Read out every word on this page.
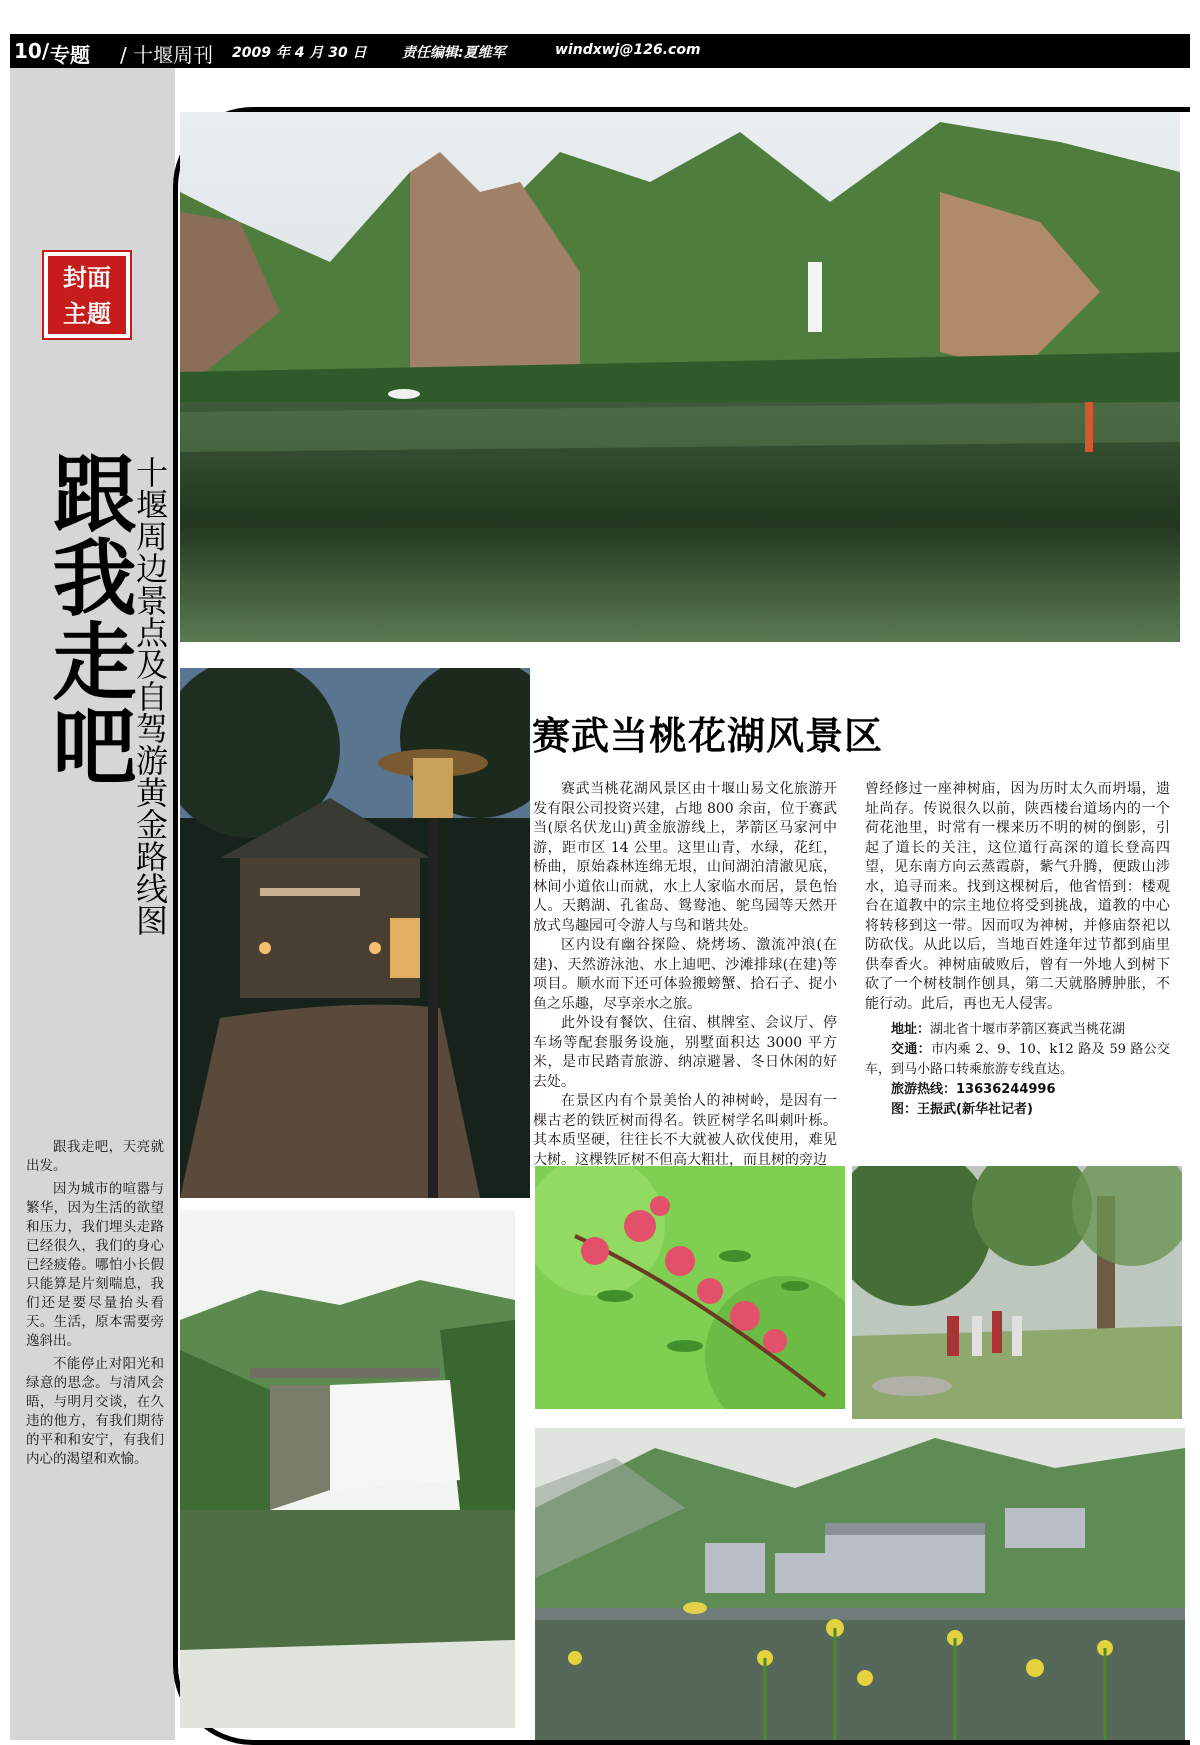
10/ 专题 / 十堰周刊 2009 年 4 月 30 日	责任编辑:夏维军	windxwj@126.com
封面
主题
跟我走吧
十堰周边景点及自驾游黄金路线图

跟我走吧，天亮就出发。

因为城市的喧嚣与繁华，因为生活的欲望和压力，我们埋头走路已经很久，我们的身心已经疲倦。哪怕小长假只能算是片刻喘息，我们还是要尽量抬头看天。生活，原本需要旁逸斜出。

不能停止对阳光和绿意的思念。与清风会晤，与明月交谈，在久违的他方，有我们期待的平和和安宁，有我们内心的渴望和欢愉。

赛武当桃花湖风景区

赛武当桃花湖风景区由十堰山易文化旅游开发有限公司投资兴建，占地 800 余亩，位于赛武当(原名伏龙山)黄金旅游线上，茅箭区马家河中游，距市区 14 公里。这里山青，水绿，花红，桥曲，原始森林连绵无垠，山间湖泊清澈见底，林间小道依山而就，水上人家临水而居，景色怡人。天鹅湖、孔雀岛、鸳鸯池、鸵鸟园等天然开放式鸟趣园可令游人与鸟和谐共处。

区内设有幽谷探险、烧烤场、激流冲浪(在建)、天然游泳池、水上迪吧、沙滩排球(在建)等项目。顺水而下还可体验搬螃蟹、拾石子、捉小鱼之乐趣，尽享亲水之旅。

此外设有餐饮、住宿、棋牌室、会议厅、停车场等配套服务设施，别墅面积达 3000 平方米，是市民踏青旅游、纳凉避暑、冬日休闲的好去处。

在景区内有个景美怡人的神树岭，是因有一棵古老的铁匠树而得名。铁匠树学名叫刺叶栎。其本质坚硬，往往长不大就被人砍伐使用，难见大树。这棵铁匠树不但高大粗壮，而且树的旁边

曾经修过一座神树庙，因为历时太久而坍塌，遗址尚存。传说很久以前，陕西楼台道场内的一个荷花池里，时常有一棵来历不明的树的倒影，引起了道长的关注，这位道行高深的道长登高四望，见东南方向云蒸霞蔚，紫气升腾，便跋山涉水，追寻而来。找到这棵树后，他省悟到：楼观台在道教中的宗主地位将受到挑战，道教的中心将转移到这一带。因而叹为神树，并修庙祭祀以防砍伐。从此以后，当地百姓逢年过节都到庙里供奉香火。神树庙破败后，曾有一外地人到树下砍了一个树枝制作刨具，第二天就胳膊肿胀，不能行动。此后，再也无人侵害。

地址：湖北省十堰市茅箭区赛武当桃花湖
交通：市内乘 2、9、10、k12 路及 59 路公交车，到马小路口转乘旅游专线直达。
旅游热线：13636244996
图：王振武(新华社记者)
